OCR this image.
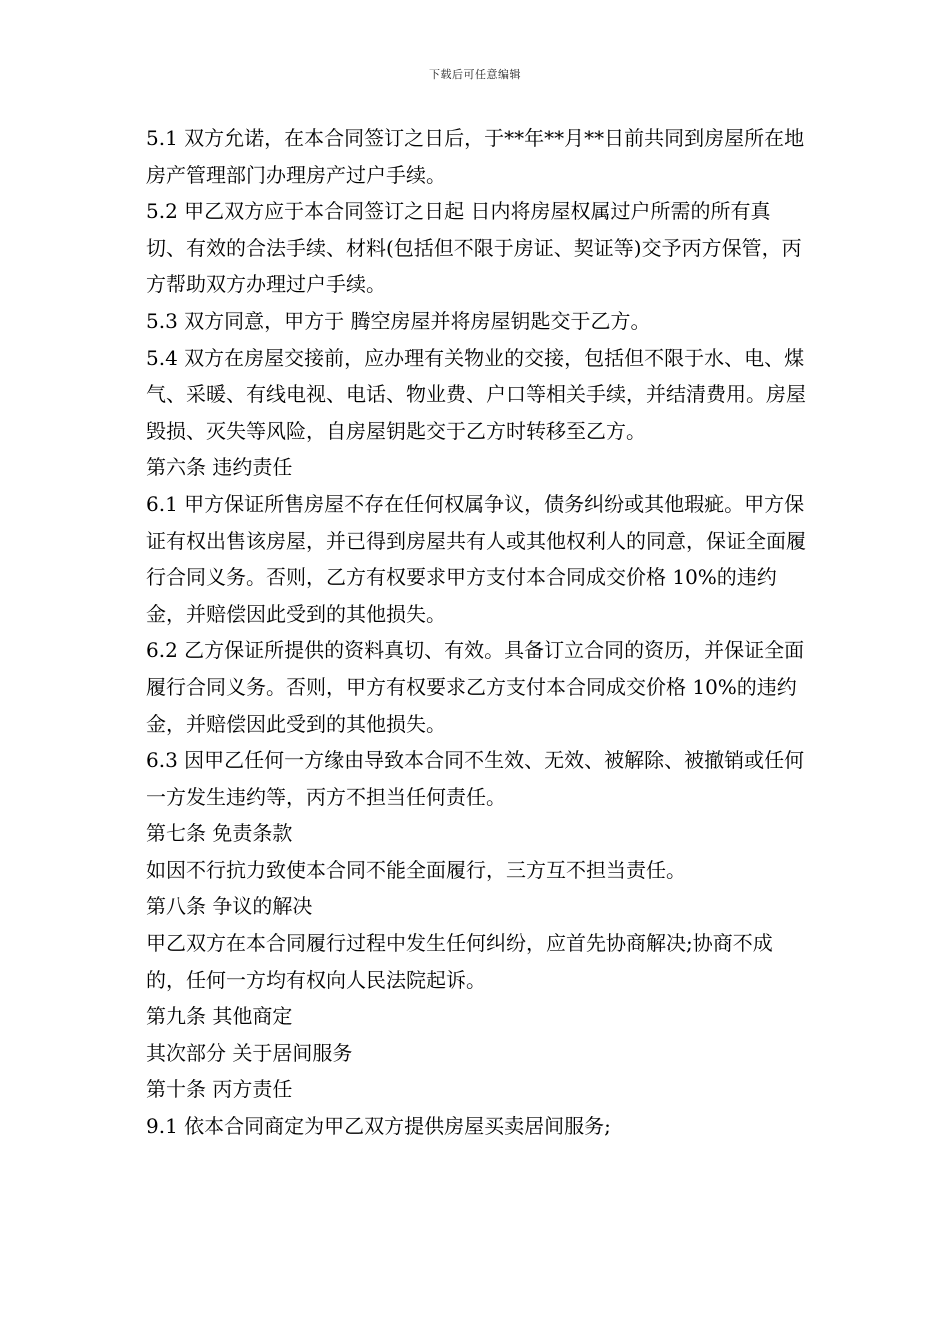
下载后可任意编辑

5.1 双方允诺，在本合同签订之日后，于**年**月**日前共同到房屋所在地房产管理部门办理房产过户手续。

5.2 甲乙双方应于本合同签订之日起 日内将房屋权属过户所需的所有真切、有效的合法手续、材料(包括但不限于房证、契证等)交予丙方保管，丙方帮助双方办理过户手续。

5.3 双方同意，甲方于 腾空房屋并将房屋钥匙交于乙方。

5.4 双方在房屋交接前，应办理有关物业的交接，包括但不限于水、电、煤气、采暖、有线电视、电话、物业费、户口等相关手续，并结清费用。房屋毁损、灭失等风险，自房屋钥匙交于乙方时转移至乙方。

第六条 违约责任

6.1 甲方保证所售房屋不存在任何权属争议，债务纠纷或其他瑕疵。甲方保证有权出售该房屋，并已得到房屋共有人或其他权利人的同意，保证全面履行合同义务。否则，乙方有权要求甲方支付本合同成交价格 10%的违约金，并赔偿因此受到的其他损失。

6.2 乙方保证所提供的资料真切、有效。具备订立合同的资历，并保证全面履行合同义务。否则，甲方有权要求乙方支付本合同成交价格 10%的违约金，并赔偿因此受到的其他损失。

6.3 因甲乙任何一方缘由导致本合同不生效、无效、被解除、被撤销或任何一方发生违约等，丙方不担当任何责任。

第七条 免责条款

如因不行抗力致使本合同不能全面履行，三方互不担当责任。

第八条 争议的解决

甲乙双方在本合同履行过程中发生任何纠纷，应首先协商解决;协商不成的，任何一方均有权向人民法院起诉。

第九条 其他商定

其次部分 关于居间服务

第十条 丙方责任

9.1 依本合同商定为甲乙双方提供房屋买卖居间服务;
